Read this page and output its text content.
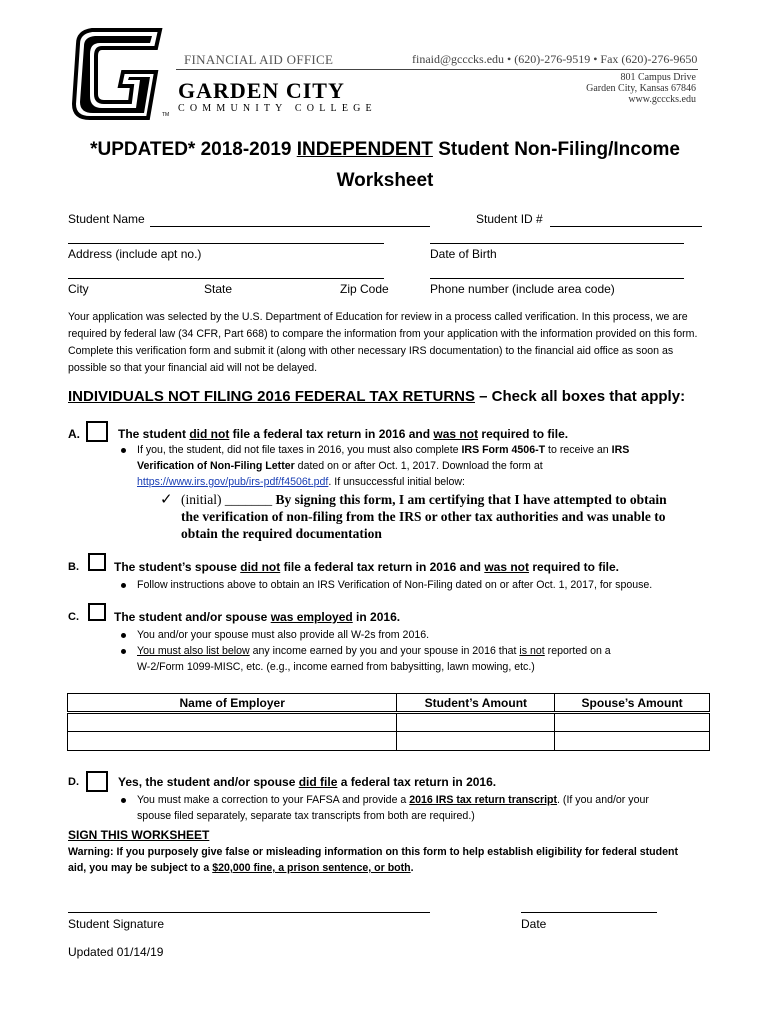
TM
FINANCIAL AID OFFICE	finaid@gcccks.edu • (620)-276-9519 • Fax (620)-276-9650
GARDEN CITY
COMMUNITY COLLEGE
801 Campus Drive
Garden City, Kansas 67846
www.gcccks.edu
*UPDATED* 2018-2019 INDEPENDENT Student Non-Filing/Income
Worksheet
Student Name	Student ID #
Address (include apt no.)	Date of Birth
City	State	Zip Code	Phone number (include area code)
Your application was selected by the U.S. Department of Education for review in a process called verification. In this process, we are required by federal law (34 CFR, Part 668) to compare the information from your application with the information provided on this form. Complete this verification form and submit it (along with other necessary IRS documentation) to the financial aid office as soon as possible so that your financial aid will not be delayed.
INDIVIDUALS NOT FILING 2016 FEDERAL TAX RETURNS – Check all boxes that apply:
A.	The student did not file a federal tax return in 2016 and was not required to file.
If you, the student, did not file taxes in 2016, you must also complete IRS Form 4506-T to receive an IRS
Verification of Non-Filing Letter dated on or after Oct. 1, 2017. Download the form at
https://www.irs.gov/pub/irs-pdf/f4506t.pdf. If unsuccessful initial below:
✓ (initial) _______ By signing this form, I am certifying that I have attempted to obtain
the verification of non-filing from the IRS or other tax authorities and was unable to
obtain the required documentation
B.	The student’s spouse did not file a federal tax return in 2016 and was not required to file.
Follow instructions above to obtain an IRS Verification of Non-Filing dated on or after Oct. 1, 2017, for spouse.
C.	The student and/or spouse was employed in 2016.
You and/or your spouse must also provide all W-2s from 2016.
You must also list below any income earned by you and your spouse in 2016 that is not reported on a
W-2/Form 1099-MISC, etc. (e.g., income earned from babysitting, lawn mowing, etc.)
Name of Employer	Student’s Amount	Spouse’s Amount

D.	Yes, the student and/or spouse did file a federal tax return in 2016.
You must make a correction to your FAFSA and provide a 2016 IRS tax return transcript. (If you and/or your
spouse filed separately, separate tax transcripts from both are required.)
SIGN THIS WORKSHEET
Warning: If you purposely give false or misleading information on this form to help establish eligibility for federal student
aid, you may be subject to a $20,000 fine, a prison sentence, or both.
Student Signature	Date
Updated 01/14/19
